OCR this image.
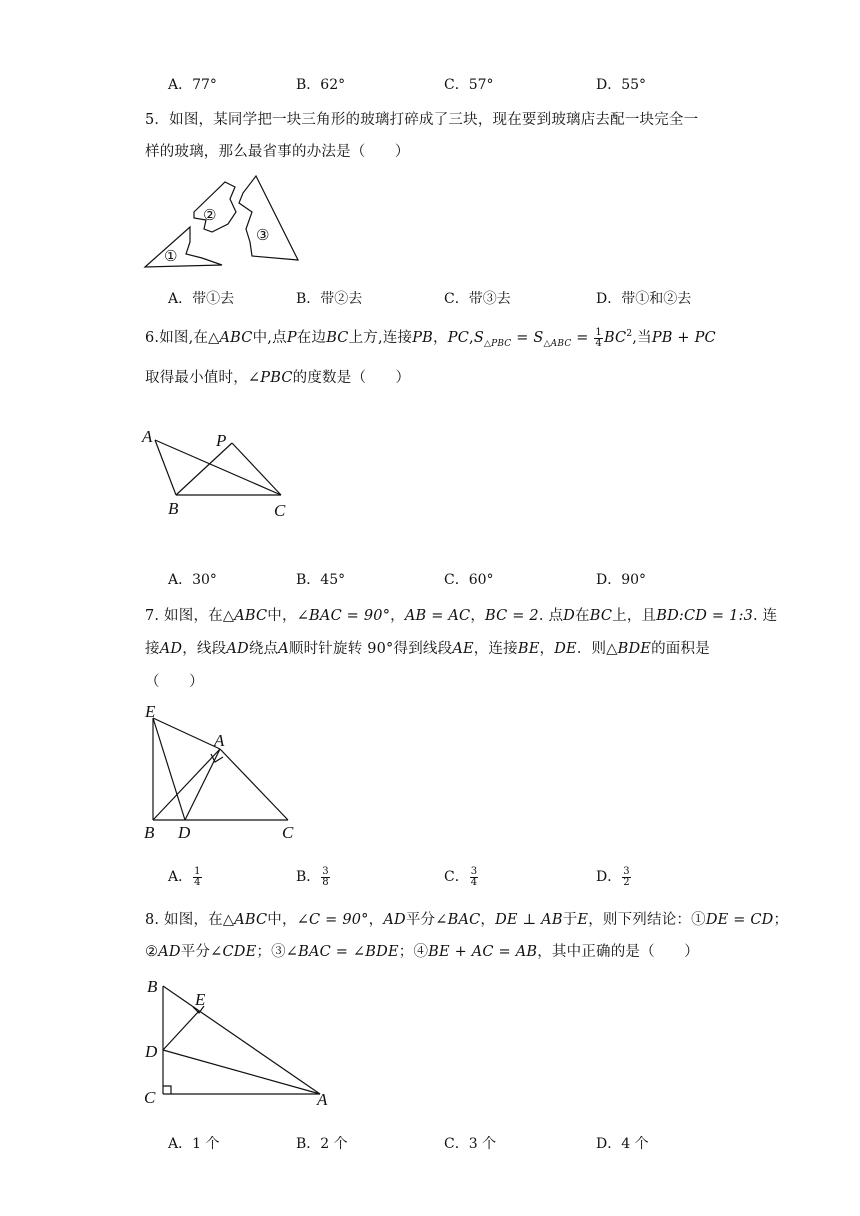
A．77°	B．62°	C．57°	D．55°
5．如图，某同学把一块三角形的玻璃打碎成了三块，现在要到玻璃店去配一块完全一
样的玻璃，那么最省事的办法是（　　）
①
②
③
A．带①去	B．带②去	C．带③去	D．带①和②去
6.如图,在△ABC中,点P在边BC上方,连接PB，$PC,S_{\triangle PBC} = S_{\triangle ABC} = \frac{1}{4} BC^2$,当PB + PC
取得最小值时，∠PBC的度数是（　　）
A	P
B	C
A．30°	B．45°	C．60°	D．90°
7. 如图，在△ABC中，∠BAC = 90°，AB = AC，BC = 2. 点D在BC上，且BD:CD = 1:3. 连
接AD，线段AD绕点A顺时针旋转 90°得到线段AE，连接BE，DE．则△BDE的面积是
（　　）
E
A
B D	C
A． $\frac{1}{4}$	B． $\frac{3}{8}$	C． $\frac{3}{4}$	D． $\frac{3}{2}$
8. 如图，在△ABC中，∠C = 90°，AD平分∠BAC，DE ⊥ AB于E，则下列结论：①DE = CD；
②AD平分∠CDE；③∠BAC = ∠BDE；④BE + AC = AB，其中正确的是（　　）
B
E
D
C	A
A．1 个	B．2 个	C．3 个	D．4 个
